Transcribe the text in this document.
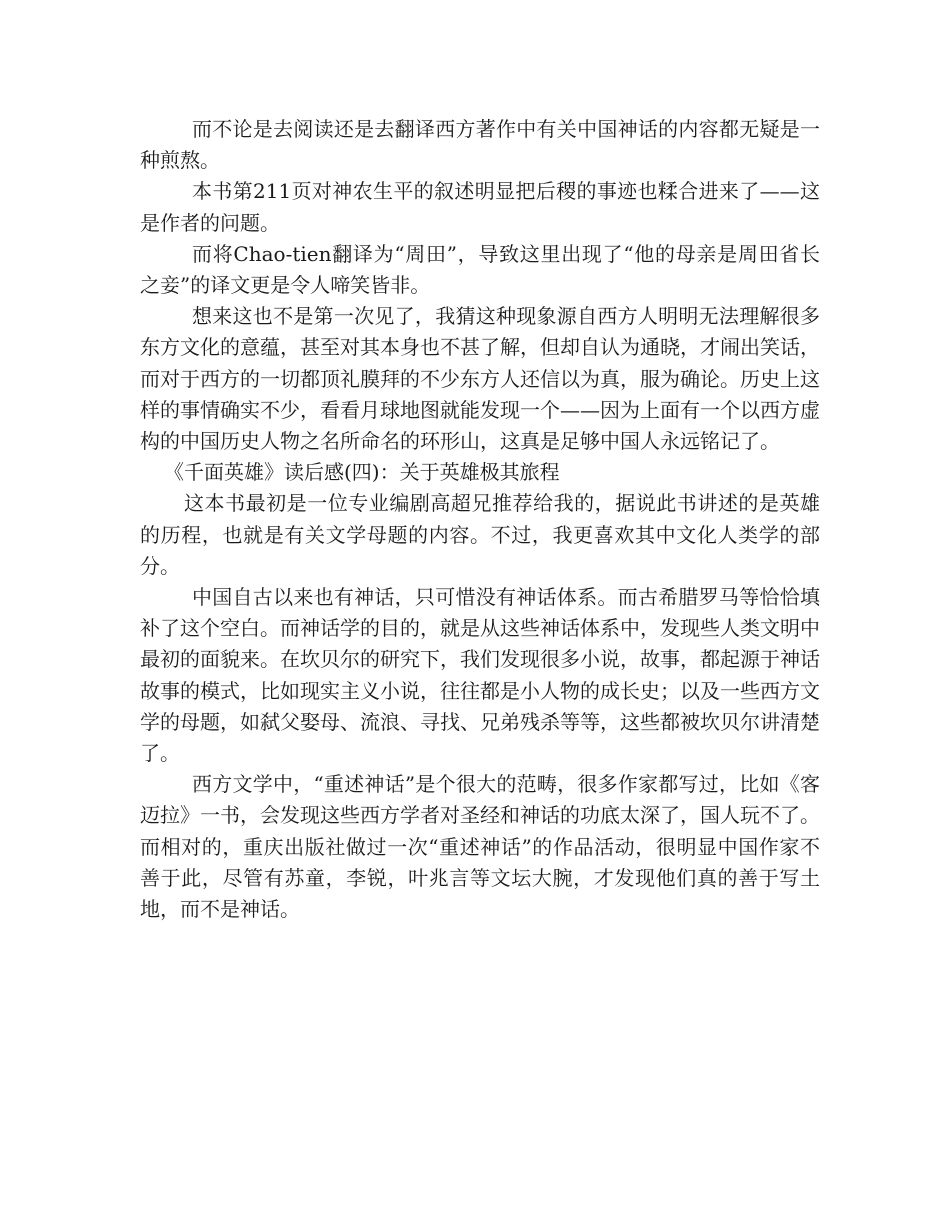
而不论是去阅读还是去翻译西方著作中有关中国神话的内容都无疑是一种煎熬。

本书第211页对神农生平的叙述明显把后稷的事迹也糅合进来了——这是作者的问题。

而将Chao-tien翻译为“周田”，导致这里出现了“他的母亲是周田省长之妾”的译文更是令人啼笑皆非。

想来这也不是第一次见了，我猜这种现象源自西方人明明无法理解很多东方文化的意蕴，甚至对其本身也不甚了解，但却自认为通晓，才闹出笑话，而对于西方的一切都顶礼膜拜的不少东方人还信以为真，服为确论。历史上这样的事情确实不少，看看月球地图就能发现一个——因为上面有一个以西方虚构的中国历史人物之名所命名的环形山，这真是足够中国人永远铭记了。

《千面英雄》读后感(四)：关于英雄极其旅程

这本书最初是一位专业编剧高超兄推荐给我的，据说此书讲述的是英雄的历程，也就是有关文学母题的内容。不过，我更喜欢其中文化人类学的部分。

中国自古以来也有神话，只可惜没有神话体系。而古希腊罗马等恰恰填补了这个空白。而神话学的目的，就是从这些神话体系中，发现些人类文明中最初的面貌来。在坎贝尔的研究下，我们发现很多小说，故事，都起源于神话故事的模式，比如现实主义小说，往往都是小人物的成长史；以及一些西方文学的母题，如弑父娶母、流浪、寻找、兄弟残杀等等，这些都被坎贝尔讲清楚了。

西方文学中，“重述神话”是个很大的范畴，很多作家都写过，比如《客迈拉》一书，会发现这些西方学者对圣经和神话的功底太深了，国人玩不了。而相对的，重庆出版社做过一次“重述神话”的作品活动，很明显中国作家不善于此，尽管有苏童，李锐，叶兆言等文坛大腕，才发现他们真的善于写土地，而不是神话。
